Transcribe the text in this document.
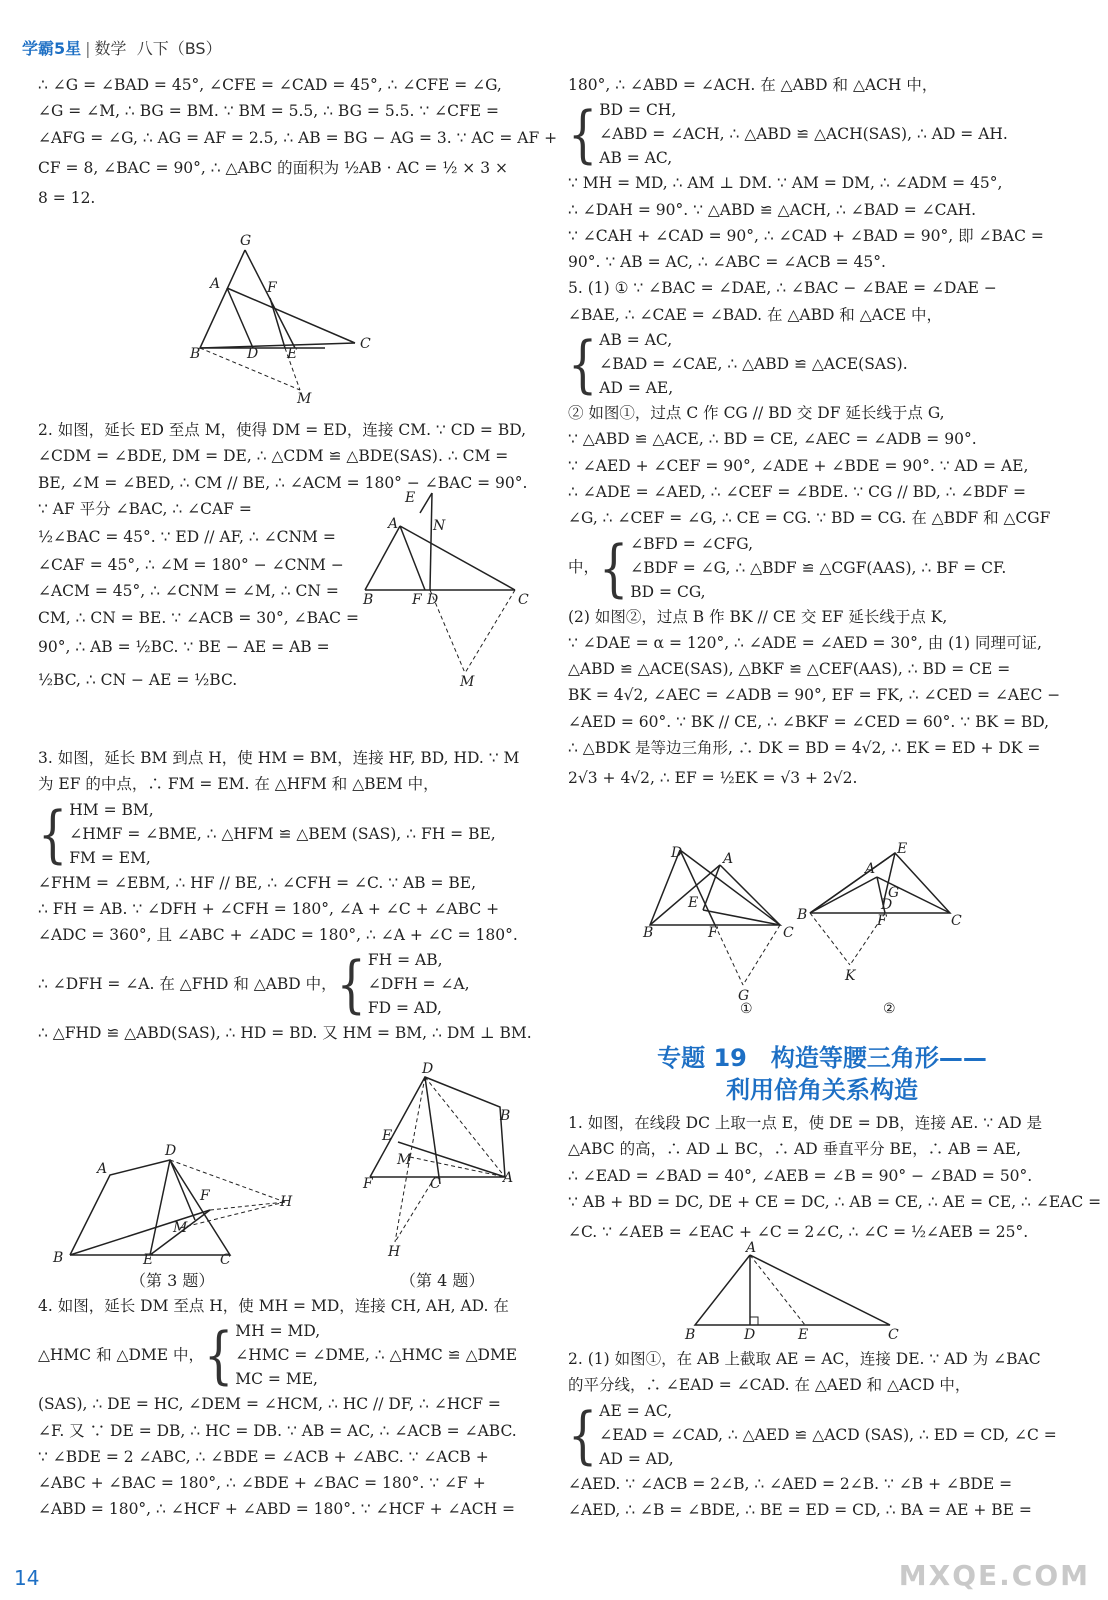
学霸5星 | 数学 八下（BS）

∴ ∠G = ∠BAD = 45°, ∠CFE = ∠CAD = 45°, ∴ ∠CFE = ∠G,

∠G = ∠M, ∴ BG = BM. ∵ BM = 5.5, ∴ BG = 5.5. ∵ ∠CFE =

∠AFG = ∠G, ∴ AG = AF = 2.5, ∴ AB = BG − AG = 3. ∵ AC = AF +

CF = 8, ∠BAC = 90°, ∴ △ABC 的面积为 ½AB · AC = ½ × 3 ×

8 = 12.

G
A	F
B	D E
C
M

2. 如图，延长 ED 至点 M，使得 DM = ED，连接 CM. ∵ CD = BD,

∠CDM = ∠BDE, DM = DE, ∴ △CDM ≌ △BDE(SAS). ∴ CM =

BE, ∠M = ∠BED, ∴ CM // BE, ∴ ∠ACM = 180° − ∠BAC = 90°.

∵ AF 平分 ∠BAC, ∴ ∠CAF =

½∠BAC = 45°. ∵ ED // AF, ∴ ∠CNM =

∠CAF = 45°, ∴ ∠M = 180° − ∠CNM −

∠ACM = 45°, ∴ ∠CNM = ∠M, ∴ CN =

CM, ∴ CN = BE. ∵ ∠ACB = 30°, ∠BAC =

90°, ∴ AB = ½BC. ∵ BE − AE = AB =

½BC, ∴ CN − AE = ½BC.

E
A N
B	F D	C
M

3. 如图，延长 BM 到点 H，使 HM = BM，连接 HF, BD, HD. ∵ M

为 EF 的中点，∴ FM = EM. 在 △HFM 和 △BEM 中，

{ HM = BM,

∠HMF = ∠BME, ∴ △HFM ≌ △BEM (SAS), ∴ FH = BE,

FM = EM,

∠FHM = ∠EBM, ∴ HF // BE, ∴ ∠CFH = ∠C. ∵ AB = BE,

∴ FH = AB. ∵ ∠DFH + ∠CFH = 180°, ∠A + ∠C + ∠ABC +

∠ADC = 360°, 且 ∠ABC + ∠ADC = 180°, ∴ ∠A + ∠C = 180°.

∴ ∠DFH = ∠A. 在 △FHD 和 △ABD 中， { FH = AB,

∠DFH = ∠A,

FD = AD,

∴ △FHD ≌ △ABD(SAS), ∴ HD = BD. 又 HM = BM, ∴ DM ⊥ BM.

D
A
F	H
M
B	E	C
D
B
E
M
F	C	A
H
（第 3 题）	（第 4 题）

4. 如图，延长 DM 至点 H，使 MH = MD，连接 CH, AH, AD. 在

△HMC 和 △DME 中， { MH = MD,

∠HMC = ∠DME, ∴ △HMC ≌ △DME

MC = ME,

(SAS), ∴ DE = HC, ∠DEM = ∠HCM, ∴ HC // DF, ∴ ∠HCF =

∠F. 又 ∵ DE = DB, ∴ HC = DB. ∵ AB = AC, ∴ ∠ACB = ∠ABC.

∵ ∠BDE = 2 ∠ABC, ∴ ∠BDE = ∠ACB + ∠ABC. ∵ ∠ACB +

∠ABC + ∠BAC = 180°, ∴ ∠BDE + ∠BAC = 180°. ∵ ∠F +

∠ABD = 180°, ∴ ∠HCF + ∠ABD = 180°. ∵ ∠HCF + ∠ACH =

180°, ∴ ∠ABD = ∠ACH. 在 △ABD 和 △ACH 中，

{ BD = CH,

∠ABD = ∠ACH, ∴ △ABD ≌ △ACH(SAS), ∴ AD = AH.

AB = AC,

∵ MH = MD, ∴ AM ⊥ DM. ∵ AM = DM, ∴ ∠ADM = 45°,

∴ ∠DAH = 90°. ∵ △ABD ≌ △ACH, ∴ ∠BAD = ∠CAH.

∵ ∠CAH + ∠CAD = 90°, ∴ ∠CAD + ∠BAD = 90°, 即 ∠BAC =

90°. ∵ AB = AC, ∴ ∠ABC = ∠ACB = 45°.

5. (1) ① ∵ ∠BAC = ∠DAE, ∴ ∠BAC − ∠BAE = ∠DAE −

∠BAE, ∴ ∠CAE = ∠BAD. 在 △ABD 和 △ACE 中，

{ AB = AC,

∠BAD = ∠CAE, ∴ △ABD ≌ △ACE(SAS).

AD = AE,

② 如图①，过点 C 作 CG // BD 交 DF 延长线于点 G,

∵ △ABD ≌ △ACE, ∴ BD = CE, ∠AEC = ∠ADB = 90°.

∵ ∠AED + ∠CEF = 90°, ∠ADE + ∠BDE = 90°. ∵ AD = AE,

∴ ∠ADE = ∠AED, ∴ ∠CEF = ∠BDE. ∵ CG // BD, ∴ ∠BDF =

∠G, ∴ ∠CEF = ∠G, ∴ CE = CG. ∵ BD = CG. 在 △BDF 和 △CGF

中， { ∠BFD = ∠CFG,

∠BDF = ∠G, ∴ △BDF ≌ △CGF(AAS), ∴ BF = CF.

BD = CG,

(2) 如图②，过点 B 作 BK // CE 交 EF 延长线于点 K,

∵ ∠DAE = α = 120°, ∴ ∠ADE = ∠AED = 30°, 由 (1) 同理可证,

△ABD ≌ △ACE(SAS), △BKF ≌ △CEF(AAS), ∴ BD = CE =

BK = 4√2, ∠AEC = ∠ADB = 90°, EF = FK, ∴ ∠CED = ∠AEC −

∠AED = 60°. ∵ BK // CE, ∴ ∠BKF = ∠CED = 60°. ∵ BK = BD,

∴ △BDK 是等边三角形, ∴ DK = BD = 4√2, ∴ EK = ED + DK =

2√3 + 4√2, ∴ EF = ½EK = √3 + 2√2.

D	A
E
B	F	C
G
①
E
A
G
D
B	F	C
K
②
专题 19　构造等腰三角形——
利用倍角关系构造

1. 如图，在线段 DC 上取一点 E，使 DE = DB，连接 AE. ∵ AD 是

△ABC 的高，∴ AD ⊥ BC，∴ AD 垂直平分 BE，∴ AB = AE,

∴ ∠EAD = ∠BAD = 40°, ∠AEB = ∠B = 90° − ∠BAD = 50°.

∵ AB + BD = DC, DE + CE = DC, ∴ AB = CE, ∴ AE = CE, ∴ ∠EAC =

∠C. ∵ ∠AEB = ∠EAC + ∠C = 2∠C, ∴ ∠C = ½∠AEB = 25°.

A
B	D	E	C

2. (1) 如图①，在 AB 上截取 AE = AC，连接 DE. ∵ AD 为 ∠BAC

的平分线，∴ ∠EAD = ∠CAD. 在 △AED 和 △ACD 中，

{ AE = AC,

∠EAD = ∠CAD, ∴ △AED ≌ △ACD (SAS), ∴ ED = CD, ∠C =

AD = AD,

∠AED. ∵ ∠ACB = 2∠B, ∴ ∠AED = 2∠B. ∵ ∠B + ∠BDE =

∠AED, ∴ ∠B = ∠BDE, ∴ BE = ED = CD, ∴ BA = AE + BE =

14	MXQE.COM
